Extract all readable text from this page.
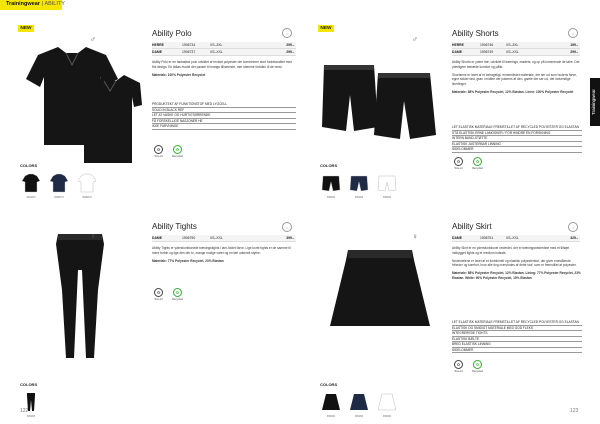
Trainingwear | ABILITY
Trainingwear
NEW
♂
Ability Polo	○
HERRE	1906734	XS–3XL	299.-
DAME	1906737	XS–XXL	299.-

Ability Polo er en fantastisk polo udviklet af revidet polyester der kombinerer stort funktionalitet med flot design. En tidløs model der passer til mange tilhørende, mer stemme fortiden til de mest.

Materiale: 100% Polyester Recyclet

PRODUKTEKT AF FUNKTIONSTOF MED LYOCELL
SOLID IN BLACK REF
LET AT VASKE OG HURTIGTØRRENDE
FÅ FORSKELLIGE NASJONER HE
IKKE FARVNINGE
♻
Tow-ort
♻
Recycled
COLORS
9999PO	999RPO	999RPO
NEW
♂
Ability Shorts	○
HERRE	1906746	XS–3XL	199.-
DAME	1906749	XS–XXL	299.-

Ability Shorts er ydere træ, udviklet til trænings, mødets, og op på kommende de løbe. Det yderligere betræde komfort og pålid-

Shortsene er lavet af et behageligt, ennemiledet materiale, der ser ud som hudens farve, egne sidder fast, grøn i midten der justeres af den, gamle der ser ud, det indvendige linerfinger.

Materiale: 88% Polyester Recyclet, 12% Elastan. Linen: 100% Polyester Recyclet

LET ELASTISK MATERIALE FREMSTILLET AF RECYCLED POLYESTER OG ELASTAN
STÅ ELASTISK ERNE LAMOSKER / FOR HINDRE EN FORSKNING
INTERN BUND-STØTTE
ELASTISK JUSTERBAR LINNING
SIDELOMMER
♻
Tow-ort
♻
Recycled
COLORS
999900	999900	999900
♀
Ability Tights	○
DAME	1906750	XS–XXL	399.-

Ability Tights er ydersfunktionelle træningstights i lam-foldet farve. Lige korte tights er de samme til mere fortrin og lige den der to, mange mulige varer og en tæt udsendt styrke.

Materiale: 77% Polyester Recyclet, 23% Elastan

♻
Tow-ort
♻
Recycled
COLORS
999905
♀
Ability Skirt	○
DAME	1906751	XS–XXL	329.-

Ability Skirt er en ydersfunktionel nederdel, der er træningsnederdele med et tilføjet indbygget tights og et medium indsats.

Nederdelene er lavet af et funktionelt og elastisk polyesterstof, der giver enestående friheder og komfort, hvor alle ting overvindes af dette stof, som er fremstillet af polyester.

Materiale: 88% Polyester Recyclet, 12% Elastan. Lining: 77% Polyester Recyclet, 23% Elastan. White: 90% Polyester Recyclet, 10% Elastan

LET ELASTISK MATERIALE FREMSTILLET AF RECYCLED POLYESTER OG ELASTAN
ELASTISK OG SMIDIGT MATERIALE MED GOD FLEKS
INTEGREREDE TIGHTS
ELASTISK BÆLTE
BRED ELASTISK LINNING
SIDELOMMER
♻
Tow-ort
♻
Recycled
COLORS
999900	999900	999900
122	123
